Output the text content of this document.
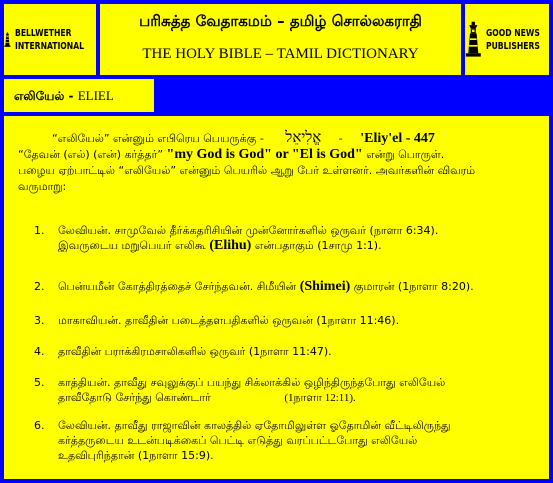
BELLWETHER
INTERNATIONAL
பரிசுத்த வேதாகமம் – தமிழ் சொல்லகராதி
THE HOLY BIBLE – TAMIL DICTIONARY
GOOD NEWS
PUBLISHERS
எலியேல் - ELIEL
“எலியேல்” என்னும் எபிரெய பெயருக்கு - אֱלִיאֵל - 'Eliy'el - 447
“தேவன் (எல்) (என்) கர்த்தர்” "my God is God" or "El is God" என்று பொருள்.
பழைய ஏற்பாட்டில் “எலியேல்” என்னும் பெயரில் ஆறு பேர் உள்ளனர். அவர்களின் விவரம்
வருமாறு:
1. லேவியன். சாமுவேல் தீர்க்கதரிசியின் முன்னோர்களில் ஒருவர் (நாளா 6:34).
இவருடைய மறுபெயர் எலிகூ (Elihu) என்பதாகும் (1சாமு 1:1).
2. பென்யமீன் கோத்திரத்தைச் சேர்ந்தவன். சிமீயின் (Shimei) குமாரன் (1நாளா 8:20).
3. மாகாவியன். தாவீதின் படைத்தளபதிகளில் ஒருவன் (1நாளா 11:46).
4. தாவீதின் பராக்கிரமசாலிகளில் ஒருவர் (1நாளா 11:47).
5. காத்தியன். தாவீது சவுலுக்குப் பயந்து சிக்லாக்கில் ஒழிந்திருந்தபோது எலியேல்
தாவீதோடு சேர்ந்து கொண்டார்	(1நாளா 12:11).
6. லேவியன். தாவீது ராஜாவின் காலத்தில் ஏதோமிலுள்ள ஓதோமின் வீட்டிலிருந்து
கர்த்தருடைய உடன்படிக்கைப் பெட்டி எடுத்து வரப்பட்டபோது எலியேல்
உதவிபுரிந்தான் (1நாளா 15:9).
